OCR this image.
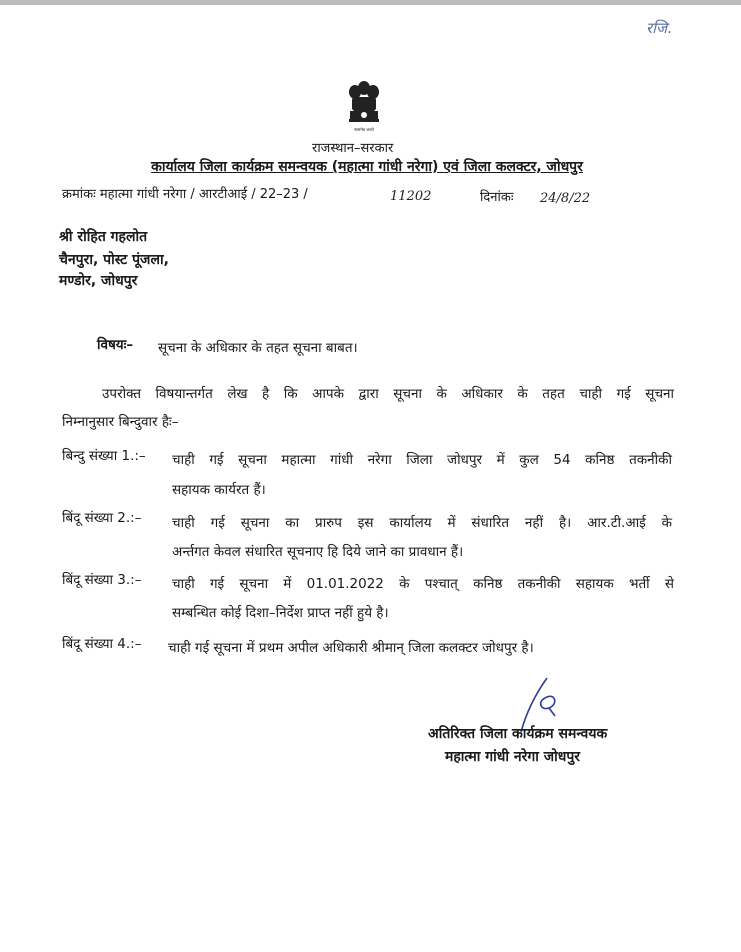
रजि.
सत्यमेव जयते
राजस्थान–सरकार
कार्यालय जिला कार्यक्रम समन्वयक (महात्मा गांधी नरेगा) एवं जिला कलक्टर, जोधपुर
क्रमांकः महात्मा गांधी नरेगा / आरटीआई / 22–23 /	11202	दिनांकः 24/8/22
श्री रोहित गहलोत
चैनपुरा, पोस्ट पूंजला,
मण्डोर, जोधपुर
विषयः– सूचना के अधिकार के तहत सूचना बाबत।
उपरोक्त विषयान्तर्गत लेख है कि आपके द्वारा सूचना के अधिकार के तहत चाही गई सूचना
निम्नानुसार बिन्दुवार हैः–
बिन्दु संख्या 1.:– चाही गई सूचना महात्मा गांधी नरेगा जिला जोधपुर में कुल 54 कनिष्ठ तकनीकी
सहायक कार्यरत हैं।
बिंदू संख्या 2.:– चाही गई सूचना का प्रारुप इस कार्यालय में संधारित नहीं है। आर.टी.आई के
अर्न्तगत केवल संधारित सूचनाए हि दिये जाने का प्रावधान हैं।
बिंदू संख्या 3.:– चाही गई सूचना में 01.01.2022 के पश्चात् कनिष्ठ तकनीकी सहायक भर्ती से
सम्बन्धित कोई दिशा–निर्देश प्राप्त नहीं हुये है।
बिंदू संख्या 4.:– चाही गई सूचना में प्रथम अपील अधिकारी श्रीमान् जिला कलक्टर जोधपुर है।
अतिरिक्त जिला कार्यक्रम समन्वयक
महात्मा गांधी नरेगा जोधपुर
